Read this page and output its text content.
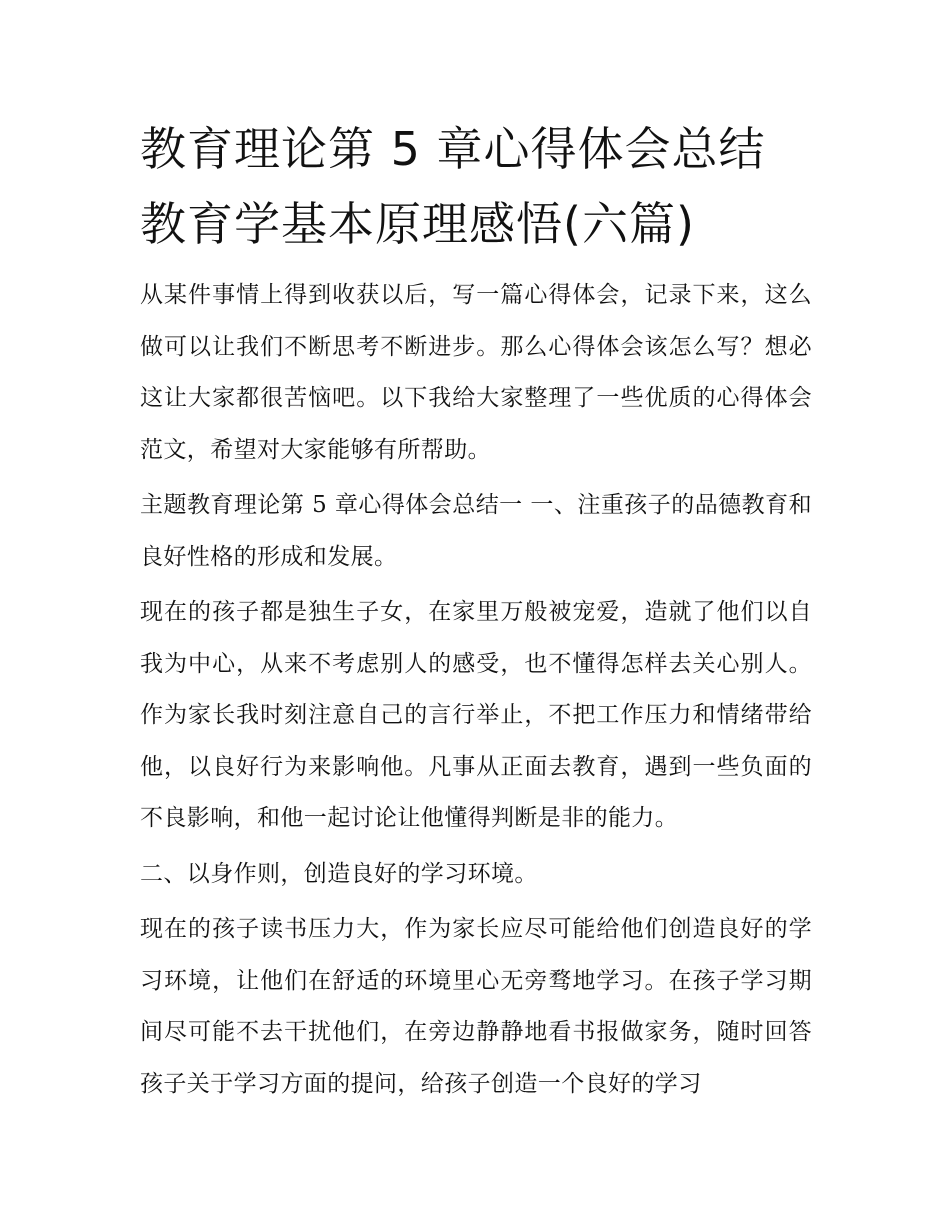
教育理论第 5 章心得体会总结
教育学基本原理感悟(六篇)

从某件事情上得到收获以后，写一篇心得体会，记录下来，这么做可以让我们不断思考不断进步。那么心得体会该怎么写？想必这让大家都很苦恼吧。以下我给大家整理了一些优质的心得体会范文，希望对大家能够有所帮助。

主题教育理论第 5 章心得体会总结一 一、注重孩子的品德教育和良好性格的形成和发展。

现在的孩子都是独生子女，在家里万般被宠爱，造就了他们以自我为中心，从来不考虑别人的感受，也不懂得怎样去关心别人。作为家长我时刻注意自己的言行举止，不把工作压力和情绪带给他，以良好行为来影响他。凡事从正面去教育，遇到一些负面的不良影响，和他一起讨论让他懂得判断是非的能力。

二、以身作则，创造良好的学习环境。

现在的孩子读书压力大，作为家长应尽可能给他们创造良好的学习环境，让他们在舒适的环境里心无旁骛地学习。在孩子学习期间尽可能不去干扰他们，在旁边静静地看书报做家务，随时回答孩子关于学习方面的提问，给孩子创造一个良好的学习
